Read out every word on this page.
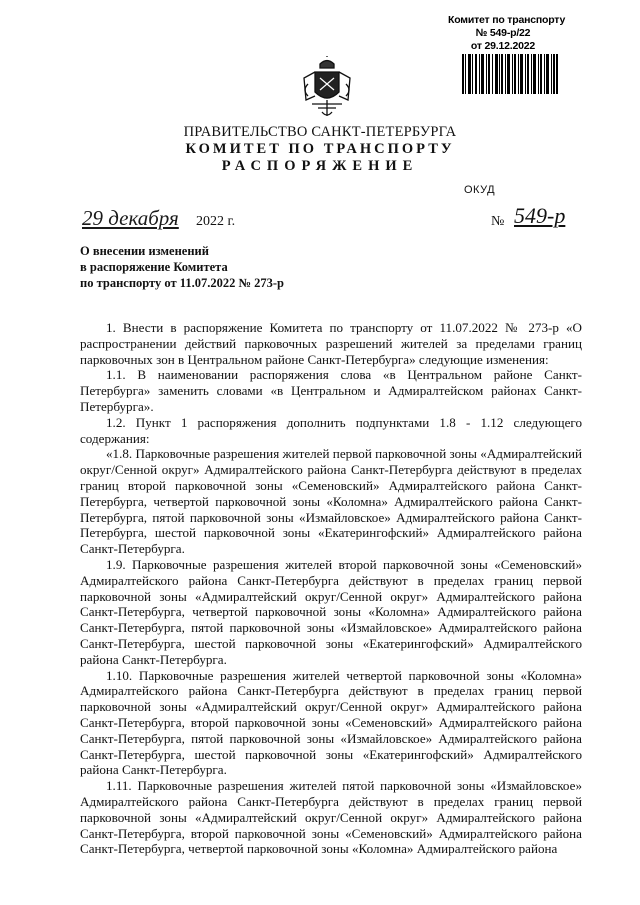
Комитет по транспорту
№ 549-р/22
от 29.12.2022
ПРАВИТЕЛЬСТВО САНКТ-ПЕТЕРБУРГА
КОМИТЕТ ПО ТРАНСПОРТУ
РАСПОРЯЖЕНИЕ
ОКУД
29 декабря 2022 г.	№ 549-р
О внесении изменений
в распоряжение Комитета
по транспорту от 11.07.2022 № 273-р

1. Внести в распоряжение Комитета по транспорту от 11.07.2022 № 273-р «О распространении действий парковочных разрешений жителей за пределами границ парковочных зон в Центральном районе Санкт-Петербурга» следующие изменения:

1.1. В наименовании распоряжения слова «в Центральном районе Санкт-Петербурга» заменить словами «в Центральном и Адмиралтейском районах Санкт-Петербурга».

1.2. Пункт 1 распоряжения дополнить подпунктами 1.8 - 1.12 следующего содержания:

«1.8. Парковочные разрешения жителей первой парковочной зоны «Адмиралтейский округ/Сенной округ» Адмиралтейского района Санкт-Петербурга действуют в пределах границ второй парковочной зоны «Семеновский» Адмиралтейского района Санкт-Петербурга, четвертой парковочной зоны «Коломна» Адмиралтейского района Санкт-Петербурга, пятой парковочной зоны «Измайловское» Адмиралтейского района Санкт-Петербурга, шестой парковочной зоны «Екатерингофский» Адмиралтейского района Санкт-Петербурга.

1.9. Парковочные разрешения жителей второй парковочной зоны «Семеновский» Адмиралтейского района Санкт-Петербурга действуют в пределах границ первой парковочной зоны «Адмиралтейский округ/Сенной округ» Адмиралтейского района Санкт-Петербурга, четвертой парковочной зоны «Коломна» Адмиралтейского района Санкт-Петербурга, пятой парковочной зоны «Измайловское» Адмиралтейского района Санкт-Петербурга, шестой парковочной зоны «Екатерингофский» Адмиралтейского района Санкт-Петербурга.

1.10. Парковочные разрешения жителей четвертой парковочной зоны «Коломна» Адмиралтейского района Санкт-Петербурга действуют в пределах границ первой парковочной зоны «Адмиралтейский округ/Сенной округ» Адмиралтейского района Санкт-Петербурга, второй парковочной зоны «Семеновский» Адмиралтейского района Санкт-Петербурга, пятой парковочной зоны «Измайловское» Адмиралтейского района Санкт-Петербурга, шестой парковочной зоны «Екатерингофский» Адмиралтейского района Санкт-Петербурга.

1.11. Парковочные разрешения жителей пятой парковочной зоны «Измайловское» Адмиралтейского района Санкт-Петербурга действуют в пределах границ первой парковочной зоны «Адмиралтейский округ/Сенной округ» Адмиралтейского района Санкт-Петербурга, второй парковочной зоны «Семеновский» Адмиралтейского района Санкт-Петербурга, четвертой парковочной зоны «Коломна» Адмиралтейского района
